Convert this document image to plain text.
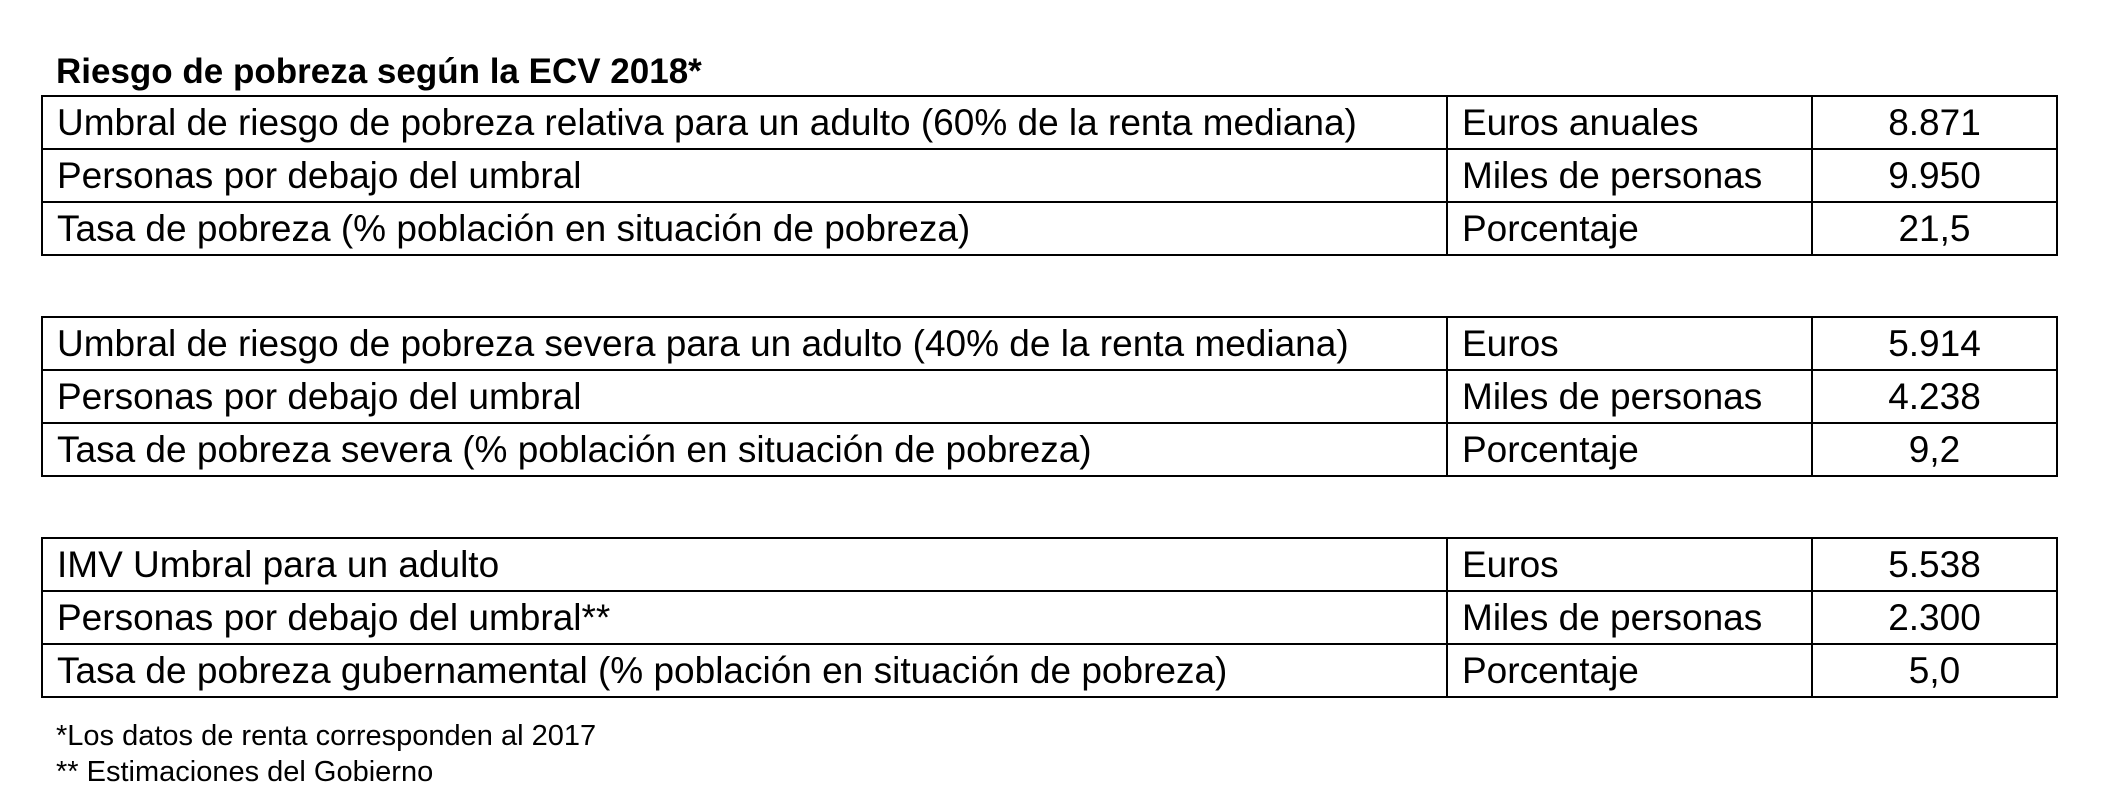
Riesgo de pobreza según la ECV 2018*
Umbral de riesgo de pobreza relativa para un adulto (60% de la renta mediana)	Euros anuales	8.871
Personas por debajo del umbral	Miles de personas	9.950
Tasa de pobreza (% población en situación de pobreza)	Porcentaje	21,5
Umbral de riesgo de pobreza severa para un adulto (40% de la renta mediana)	Euros	5.914
Personas por debajo del umbral	Miles de personas	4.238
Tasa de pobreza severa (% población en situación de pobreza)	Porcentaje	9,2
IMV Umbral para un adulto	Euros	5.538
Personas por debajo del umbral**	Miles de personas	2.300
Tasa de pobreza gubernamental (% población en situación de pobreza)	Porcentaje	5,0
*Los datos de renta corresponden al 2017
** Estimaciones del Gobierno
